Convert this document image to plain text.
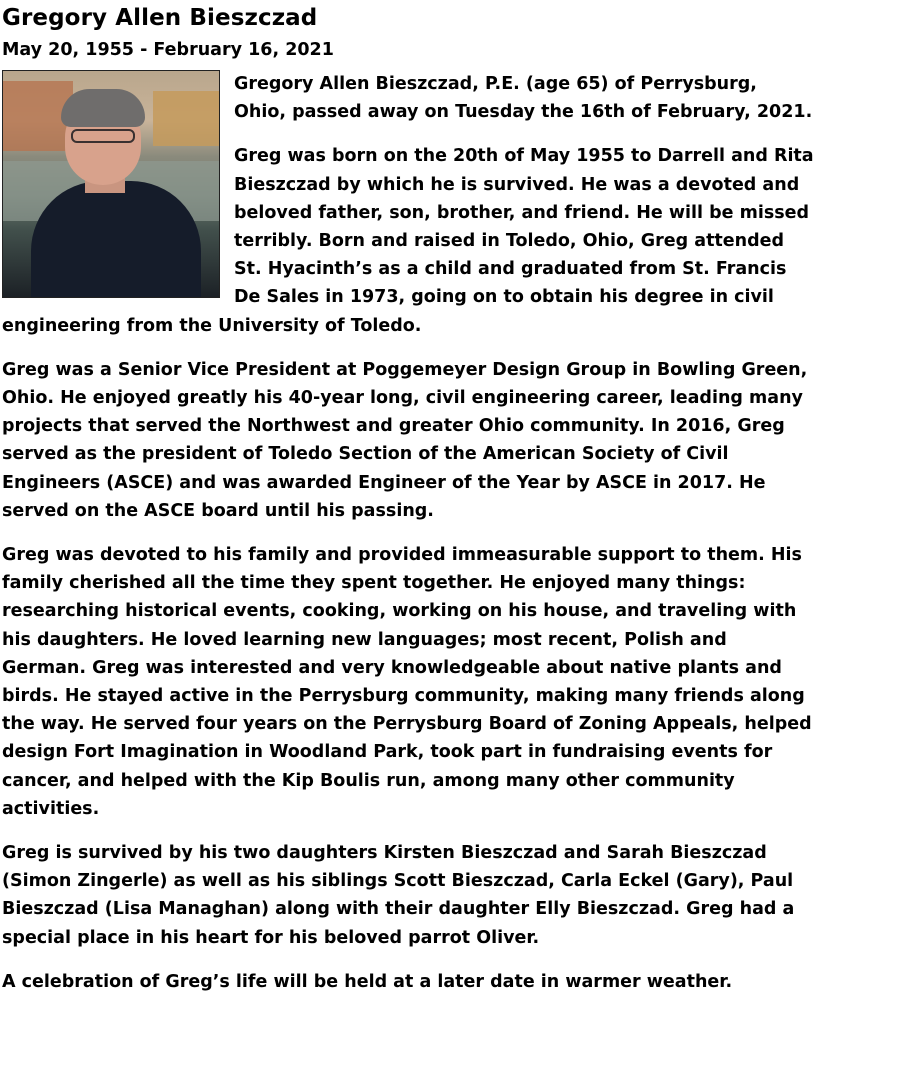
Gregory Allen Bieszczad
May 20, 1955 - February 16, 2021

Gregory Allen Bieszczad, P.E. (age 65) of Perrysburg, Ohio, passed away on Tuesday the 16th of February, 2021.

Greg was born on the 20th of May 1955 to Darrell and Rita Bieszczad by which he is survived. He was a devoted and beloved father, son, brother, and friend. He will be missed terribly. Born and raised in Toledo, Ohio, Greg attended St. Hyacinth’s as a child and graduated from St. Francis De Sales in 1973, going on to obtain his degree in civil engineering from the University of Toledo.

Greg was a Senior Vice President at Poggemeyer Design Group in Bowling Green, Ohio. He enjoyed greatly his 40-year long, civil engineering career, leading many projects that served the Northwest and greater Ohio community. In 2016, Greg served as the president of Toledo Section of the American Society of Civil Engineers (ASCE) and was awarded Engineer of the Year by ASCE in 2017. He served on the ASCE board until his passing.

Greg was devoted to his family and provided immeasurable support to them. His family cherished all the time they spent together. He enjoyed many things: researching historical events, cooking, working on his house, and traveling with his daughters. He loved learning new languages; most recent, Polish and German. Greg was interested and very knowledgeable about native plants and birds. He stayed active in the Perrysburg community, making many friends along the way. He served four years on the Perrysburg Board of Zoning Appeals, helped design Fort Imagination in Woodland Park, took part in fundraising events for cancer, and helped with the Kip Boulis run, among many other community activities.

Greg is survived by his two daughters Kirsten Bieszczad and Sarah Bieszczad (Simon Zingerle) as well as his siblings Scott Bieszczad, Carla Eckel (Gary), Paul Bieszczad (Lisa Managhan) along with their daughter Elly Bieszczad. Greg had a special place in his heart for his beloved parrot Oliver.

A celebration of Greg’s life will be held at a later date in warmer weather.
